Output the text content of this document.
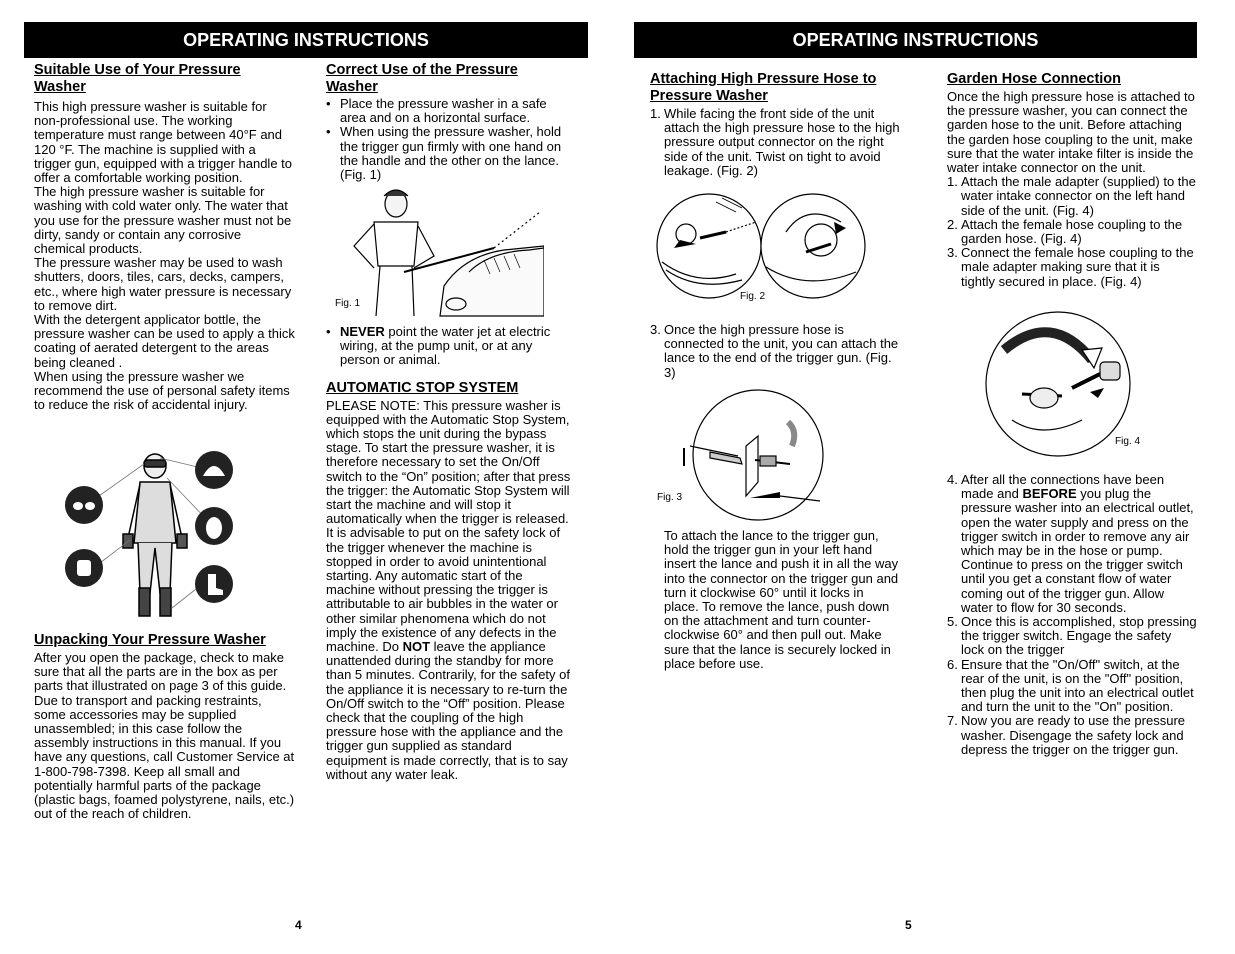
OPERATING INSTRUCTIONS
Suitable Use of Your Pressure Washer

This high pressure washer is suitable for non-professional use. The working temperature must range between 40°F and 120 °F. The machine is supplied with a trigger gun, equipped with a trigger handle to offer a comfortable working position.

The high pressure washer is suitable for washing with cold water only. The water that you use for the pressure washer must not be dirty, sandy or contain any corrosive chemical products.

The pressure washer may be used to wash shutters, doors, tiles, cars, decks, campers, etc., where high water pressure is necessary to remove dirt.

With the detergent applicator bottle, the pressure washer can be used to apply a thick coating of aerated detergent to the areas being cleaned .

When using the pressure washer we recommend the use of personal safety items to reduce the risk of accidental injury.

Unpacking Your Pressure Washer

After you open the package, check to make sure that all the parts are in the box as per parts that illustrated on page 3 of this guide. Due to transport and packing restraints, some accessories may be supplied unassembled; in this case follow the assembly instructions in this manual. If you have any questions, call Customer Service at 1-800-798-7398. Keep all small and potentially harmful parts of the package (plastic bags, foamed polystyrene, nails, etc.) out of the reach of children.

Correct Use of the Pressure Washer
• Place the pressure washer in a safe area and on a horizontal surface.
• When using the pressure washer, hold the trigger gun firmly with one hand on the handle and the other on the lance. (Fig. 1)
Fig. 1
• NEVER point the water jet at electric wiring, at the pump unit, or at any person or animal.
AUTOMATIC STOP SYSTEM

PLEASE NOTE: This pressure washer is equipped with the Automatic Stop System, which stops the unit during the bypass stage. To start the pressure washer, it is therefore necessary to set the On/Off switch to the “On” position; after that press the trigger: the Automatic Stop System will start the machine and will stop it automatically when the trigger is released. It is advisable to put on the safety lock of the trigger whenever the machine is stopped in order to avoid unintentional starting. Any automatic start of the machine without pressing the trigger is attributable to air bubbles in the water or other similar phenomena which do not imply the existence of any defects in the machine. Do NOT leave the appliance unattended during the standby for more than 5 minutes. Contrarily, for the safety of the appliance it is necessary to re-turn the On/Off switch to the “Off” position. Please check that the coupling of the high pressure hose with the appliance and the trigger gun supplied as standard equipment is made correctly, that is to say without any water leak.

4
OPERATING INSTRUCTIONS
Attaching High Pressure Hose to Pressure Washer
1. While facing the front side of the unit attach the high pressure hose to the high pressure output connector on the right side of the unit. Twist on tight to avoid leakage. (Fig. 2)
Fig. 2
3. Once the high pressure hose is connected to the unit, you can attach the lance to the end of the trigger gun. (Fig. 3)
Fig. 3

To attach the lance to the trigger gun, hold the trigger gun in your left hand insert the lance and push it in all the way into the connector on the trigger gun and turn it clockwise 60° until it locks in place. To remove the lance, push down on the attachment and turn counter-clockwise 60° and then pull out. Make sure that the lance is securely locked in place before use.

Garden Hose Connection

Once the high pressure hose is attached to the pressure washer, you can connect the garden hose to the unit. Before attaching the garden hose coupling to the unit, make sure that the water intake filter is inside the water intake connector on the unit.

1. Attach the male adapter (supplied) to the water intake connector on the left hand side of the unit. (Fig. 4)
2. Attach the female hose coupling to the garden hose. (Fig. 4)
3. Connect the female hose coupling to the male adapter making sure that it is tightly secured in place. (Fig. 4)
Fig. 4
4. After all the connections have been made and BEFORE you plug the pressure washer into an electrical outlet, open the water supply and press on the trigger switch in order to remove any air which may be in the hose or pump. Continue to press on the trigger switch until you get a constant flow of water coming out of the trigger gun. Allow water to flow for 30 seconds.
5. Once this is accomplished, stop pressing the trigger switch. Engage the safety lock on the trigger
6. Ensure that the "On/Off" switch, at the rear of the unit, is on the "Off" position, then plug the unit into an electrical outlet and turn the unit to the "On" position.
7. Now you are ready to use the pressure washer. Disengage the safety lock and depress the trigger on the trigger gun.
5
